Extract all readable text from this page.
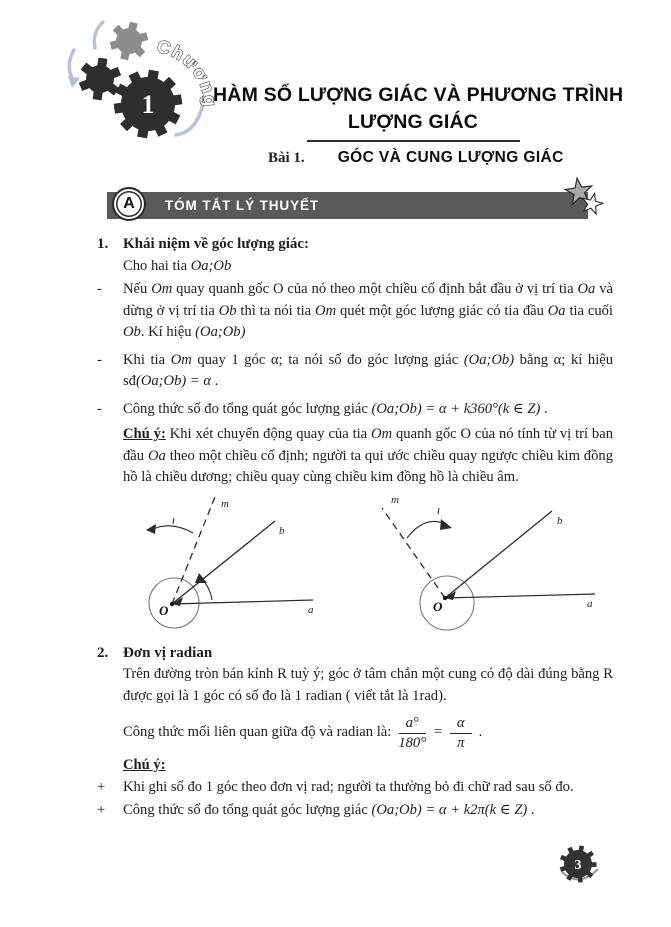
1
Chương
HÀM SỐ LƯỢNG GIÁC VÀ PHƯƠNG TRÌNH
LƯỢNG GIÁC
Bài 1. GÓC VÀ CUNG LƯỢNG GIÁC
TÓM TẮT LÝ THUYẾT
A
1. Khái niệm về góc lượng giác:
Cho hai tia Oa;Ob
-	Nếu Om quay quanh gốc O của nó theo một chiều cố định bắt đầu ở vị trí tia Oa và dừng ở vị trí tia Ob thì ta nói tia Om quét một góc lượng giác có tia đầu Oa tia cuối Ob. Kí hiệu (Oa;Ob)
-	Khi tia Om quay 1 góc α; ta nói số đo góc lượng giác (Oa;Ob) bằng α; kí hiệu sđ(Oa;Ob) = α .
-	Công thức số đo tổng quát góc lượng giác (Oa;Ob) = α + k360°(k ∈ Z) .
Chú ý: Khi xét chuyển động quay của tia Om quanh gốc O của nó tính từ vị trí ban đầu Oa theo một chiều cố định; người ta qui ước chiều quay ngược chiều kim đồng hồ là chiều dương; chiều quay cùng chiều kim đồng hồ là chiều âm.
m
b
a
O
m
b
a
O
2. Đơn vị radian
Trên đường tròn bán kính R tuỳ ý; góc ở tâm chắn một cung có độ dài đúng bằng R được gọi là 1 góc có số đo là 1 radian ( viết tắt là 1rad).
Công thức mối liên quan giữa độ và radian là: $\frac{a^\circ}{180^\circ} = \frac{\alpha}{\pi}$ .
Chú ý:
+	Khi ghi số đo 1 góc theo đơn vị rad; người ta thường bỏ đi chữ rad sau số đo.
+	Công thức số đo tổng quát góc lượng giác (Oa;Ob) = α + k2π(k ∈ Z) .
3
